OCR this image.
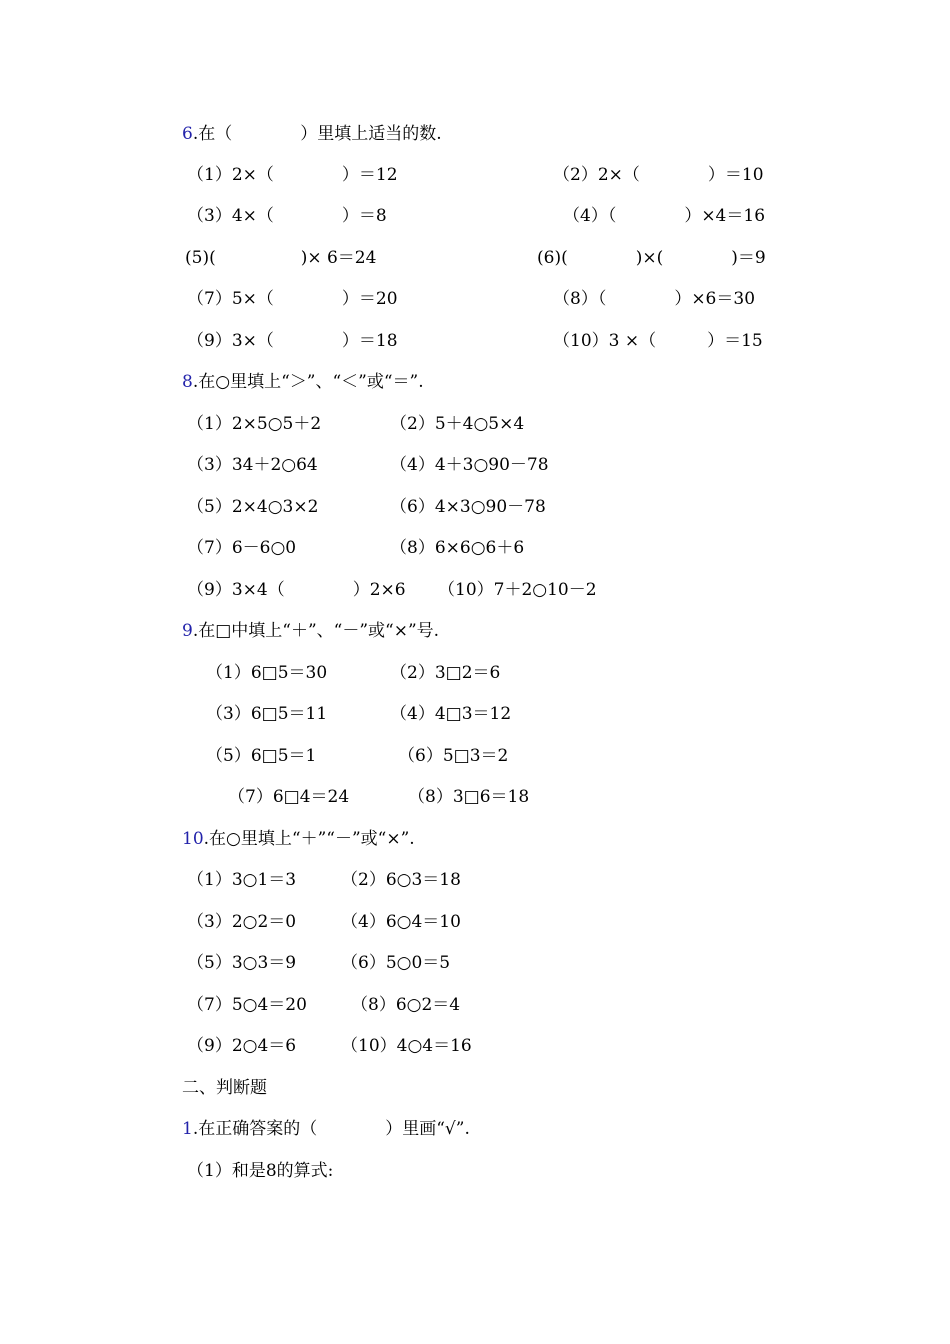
6.在（　　　　）里填上适当的数.
（1）2×（　　　　）＝12	（2）2×（　　　　）＝10
（3）4×（　　　　）＝8	（4）（　　　　）×4＝16
(5)(　　　　　)× 6＝24	(6)(　　　　)×(　　　　)＝9
（7）5×（　　　　）＝20	（8）（　　　　）×6＝30
（9）3×（　　　　）＝18	（10）3 ×（　　　）＝15
8.在○里填上“＞”、“＜”或“＝”.
（1）2×5○5＋2	（2）5＋4○5×4
（3）34＋2○64	（4）4＋3○90－78
（5）2×4○3×2	（6）4×3○90－78
（7）6－6○0	（8）6×6○6＋6
（9）3×4（　　　　）2×6 （10）7＋2○10－2
9.在□中填上“＋”、“－”或“×”号.
（1）6□5＝30	（2）3□2＝6
（3）6□5＝11	（4）4□3＝12
（5）6□5＝1	（6）5□3＝2
（7）6□4＝24	（8）3□6＝18
10.在○里填上“＋”“－”或“×”.
（1）3○1＝3	（2）6○3＝18
（3）2○2＝0	（4）6○4＝10
（5）3○3＝9	（6）5○0＝5
（7）5○4＝20	（8）6○2＝4
（9）2○4＝6	（10）4○4＝16
二、判断题
1.在正确答案的（　　　　）里画“√”.
（1）和是8的算式:
